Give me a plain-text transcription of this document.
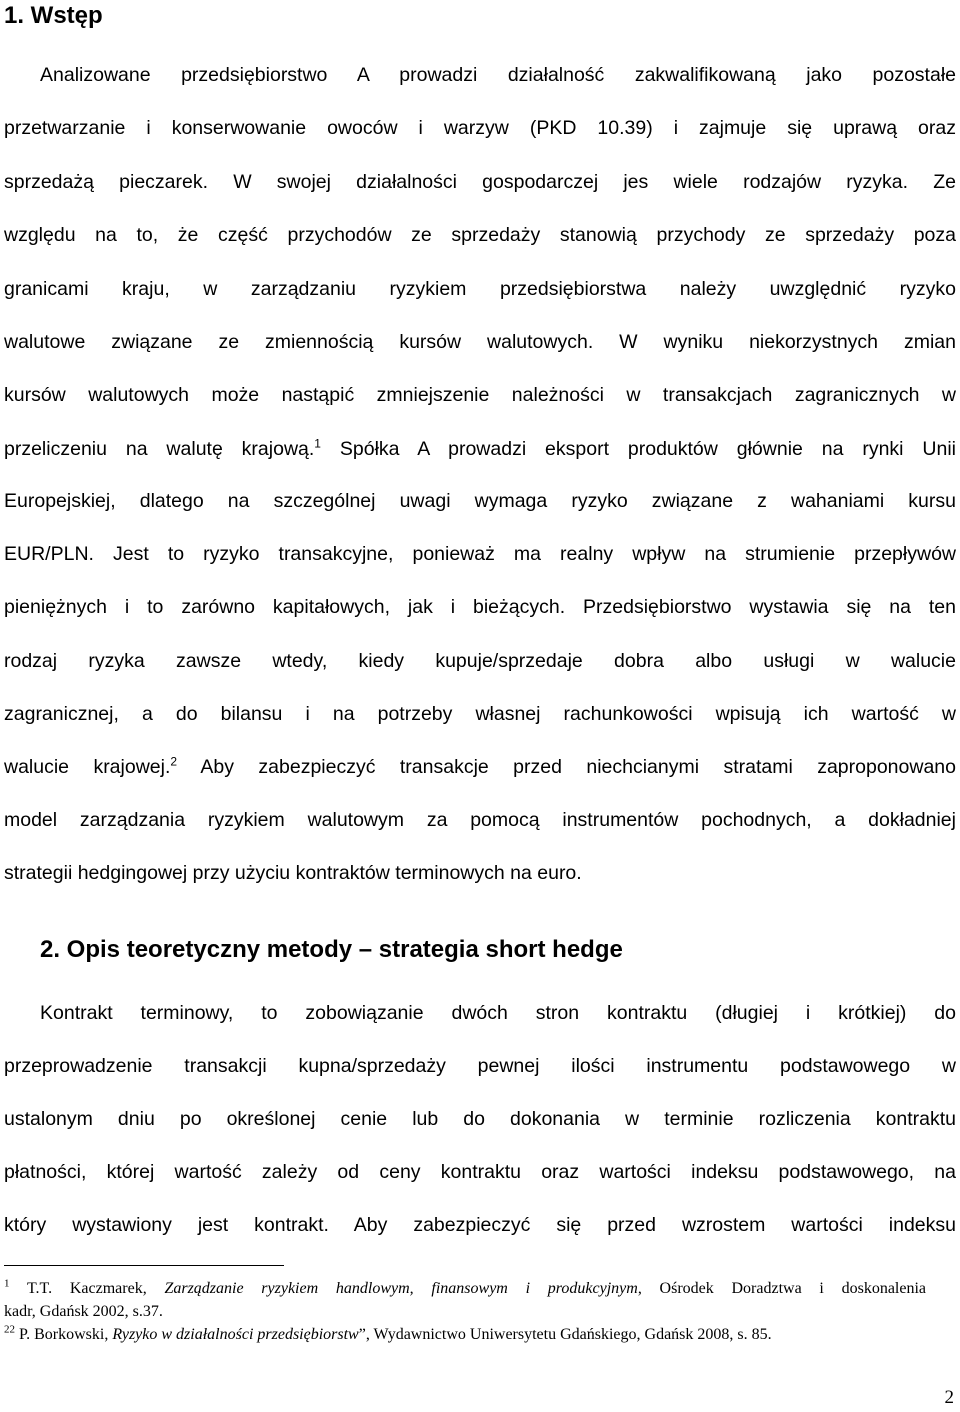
1. Wstęp
Analizowane przedsiębiorstwo A prowadzi działalność zakwalifikowaną jako pozostałe
przetwarzanie i konserwowanie owoców i warzyw (PKD 10.39) i zajmuje się uprawą oraz
sprzedażą pieczarek. W swojej działalności gospodarczej jes wiele rodzajów ryzyka. Ze
względu na to, że część przychodów ze sprzedaży stanowią przychody ze sprzedaży poza
granicami kraju, w zarządzaniu ryzykiem przedsiębiorstwa należy uwzględnić ryzyko
walutowe związane ze zmiennością kursów walutowych. W wyniku niekorzystnych zmian
kursów walutowych może nastąpić zmniejszenie należności w transakcjach zagranicznych w
przeliczeniu na walutę krajową.$^1$ Spółka A prowadzi eksport produktów głównie na rynki Unii
Europejskiej, dlatego na szczególnej uwagi wymaga ryzyko związane z wahaniami kursu
EUR/PLN. Jest to ryzyko transakcyjne, ponieważ ma realny wpływ na strumienie przepływów
pieniężnych i to zarówno kapitałowych, jak i bieżących. Przedsiębiorstwo wystawia się na ten
rodzaj ryzyka zawsze wtedy, kiedy kupuje/sprzedaje dobra albo usługi w walucie
zagranicznej, a do bilansu i na potrzeby własnej rachunkowości wpisują ich wartość w
walucie krajowej.$^2$ Aby zabezpieczyć transakcje przed niechcianymi stratami zaproponowano
model zarządzania ryzykiem walutowym za pomocą instrumentów pochodnych, a dokładniej
strategii hedgingowej przy użyciu kontraktów terminowych na euro.
2. Opis teoretyczny metody – strategia short hedge
Kontrakt terminowy, to zobowiązanie dwóch stron kontraktu (długiej i krótkiej) do
przeprowadzenie transakcji kupna/sprzedaży pewnej ilości instrumentu podstawowego w
ustalonym dniu po określonej cenie lub do dokonania w terminie rozliczenia kontraktu
płatności, której wartość zależy od ceny kontraktu oraz wartości indeksu podstawowego, na
który wystawiony jest kontrakt. Aby zabezpieczyć się przed wzrostem wartości indeksu
$^1$ T.T. Kaczmarek, Zarządzanie ryzykiem handlowym, finansowym i produkcyjnym, Ośrodek Doradztwa i doskonalenia
kadr, Gdańsk 2002, s.37.
$^{22}$ P. Borkowski, Ryzyko w działalności przedsiębiorstw”, Wydawnictwo Uniwersytetu Gdańskiego, Gdańsk 2008, s. 85.
2
